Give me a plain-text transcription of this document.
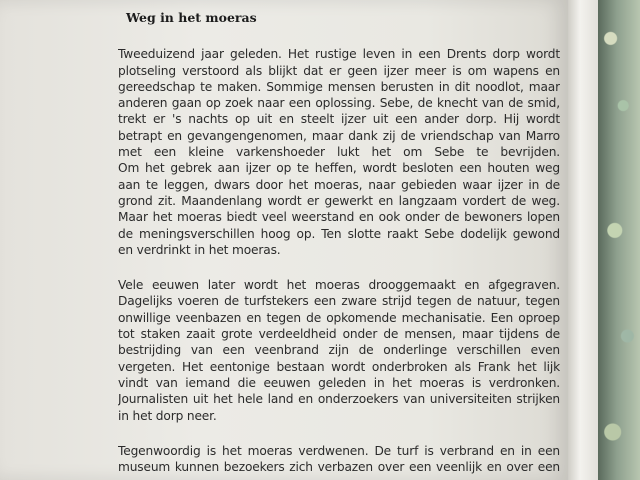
Weg in het moeras

Tweeduizend jaar geleden. Het rustige leven in een Drents dorp wordt
plotseling verstoord als blijkt dat er geen ijzer meer is om wapens en
gereedschap te maken. Sommige mensen berusten in dit noodlot, maar
anderen gaan op zoek naar een oplossing. Sebe, de knecht van de smid,
trekt er 's nachts op uit en steelt ijzer uit een ander dorp. Hij wordt
betrapt en gevangengenomen, maar dank zij de vriendschap van Marro
met een kleine varkenshoeder lukt het om Sebe te bevrijden.
Om het gebrek aan ijzer op te heffen, wordt besloten een houten weg
aan te leggen, dwars door het moeras, naar gebieden waar ijzer in de
grond zit. Maandenlang wordt er gewerkt en langzaam vordert de weg.
Maar het moeras biedt veel weerstand en ook onder de bewoners lopen
de meningsverschillen hoog op. Ten slotte raakt Sebe dodelijk gewond
en verdrinkt in het moeras.

Vele eeuwen later wordt het moeras drooggemaakt en afgegraven.
Dagelijks voeren de turfstekers een zware strijd tegen de natuur, tegen
onwillige veenbazen en tegen de opkomende mechanisatie. Een oproep
tot staken zaait grote verdeeldheid onder de mensen, maar tijdens de
bestrijding van een veenbrand zijn de onderlinge verschillen even
vergeten. Het eentonige bestaan wordt onderbroken als Frank het lijk
vindt van iemand die eeuwen geleden in het moeras is verdronken.
Journalisten uit het hele land en onderzoekers van universiteiten strijken
in het dorp neer.

Tegenwoordig is het moeras verdwenen. De turf is verbrand en in een
museum kunnen bezoekers zich verbazen over een veenlijk en over een
